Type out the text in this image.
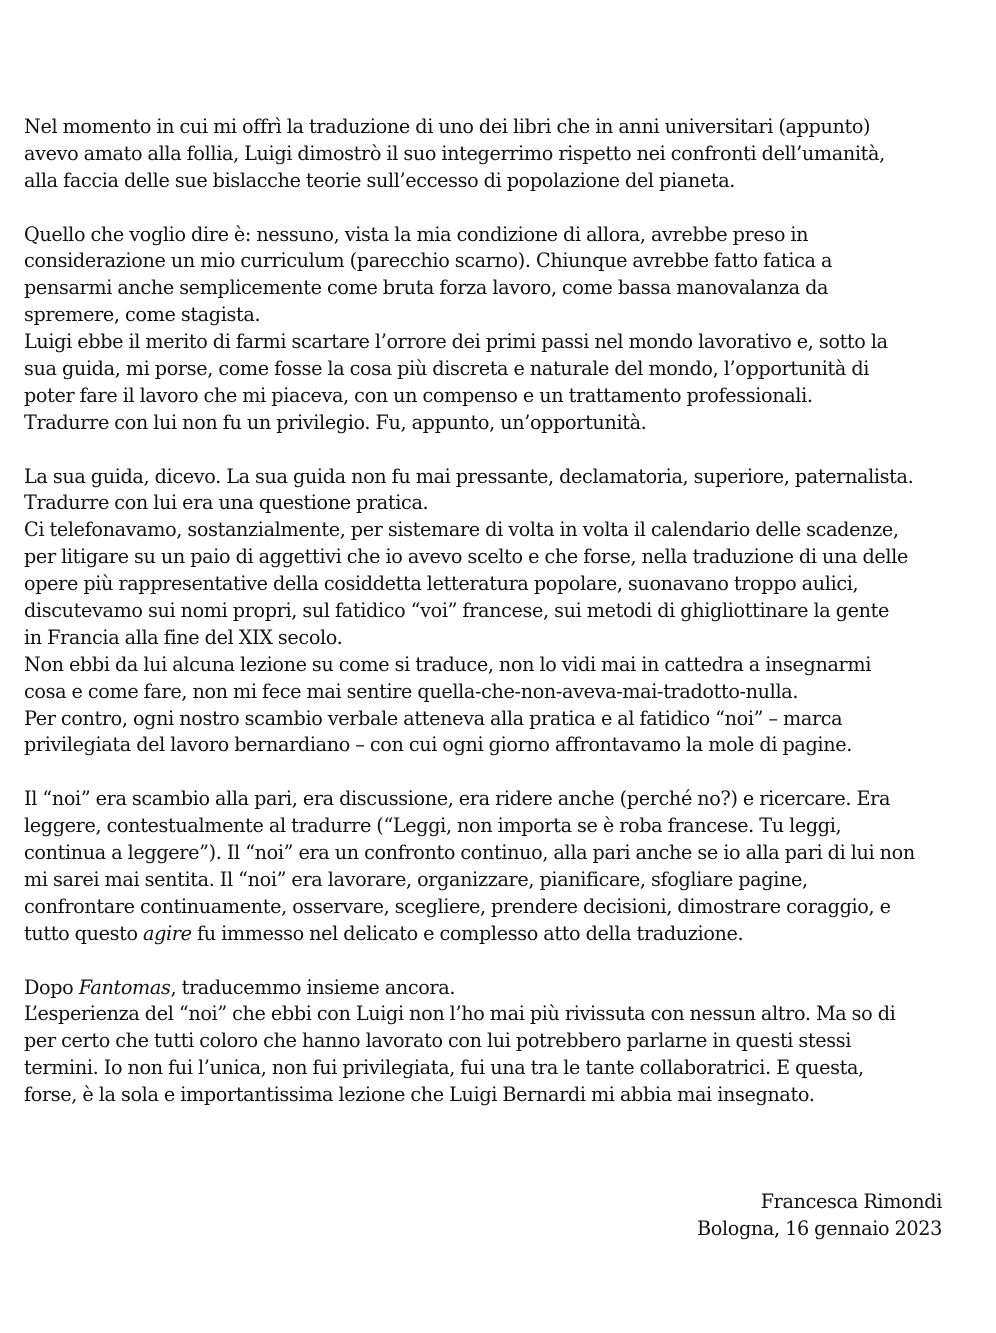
Nel momento in cui mi offrì la traduzione di uno dei libri che in anni universitari (appunto)
avevo amato alla follia, Luigi dimostrò il suo integerrimo rispetto nei confronti dell’umanità,
alla faccia delle sue bislacche teorie sull’eccesso di popolazione del pianeta.
Quello che voglio dire è: nessuno, vista la mia condizione di allora, avrebbe preso in
considerazione un mio curriculum (parecchio scarno). Chiunque avrebbe fatto fatica a
pensarmi anche semplicemente come bruta forza lavoro, come bassa manovalanza da
spremere, come stagista.
Luigi ebbe il merito di farmi scartare l’orrore dei primi passi nel mondo lavorativo e, sotto la
sua guida, mi porse, come fosse la cosa più discreta e naturale del mondo, l’opportunità di
poter fare il lavoro che mi piaceva, con un compenso e un trattamento professionali.
Tradurre con lui non fu un privilegio. Fu, appunto, un’opportunità.
La sua guida, dicevo. La sua guida non fu mai pressante, declamatoria, superiore, paternalista.
Tradurre con lui era una questione pratica.
Ci telefonavamo, sostanzialmente, per sistemare di volta in volta il calendario delle scadenze,
per litigare su un paio di aggettivi che io avevo scelto e che forse, nella traduzione di una delle
opere più rappresentative della cosiddetta letteratura popolare, suonavano troppo aulici,
discutevamo sui nomi propri, sul fatidico “voi” francese, sui metodi di ghigliottinare la gente
in Francia alla fine del XIX secolo.
Non ebbi da lui alcuna lezione su come si traduce, non lo vidi mai in cattedra a insegnarmi
cosa e come fare, non mi fece mai sentire quella-che-non-aveva-mai-tradotto-nulla.
Per contro, ogni nostro scambio verbale atteneva alla pratica e al fatidico “noi” – marca
privilegiata del lavoro bernardiano – con cui ogni giorno affrontavamo la mole di pagine.
Il “noi” era scambio alla pari, era discussione, era ridere anche (perché no?) e ricercare. Era
leggere, contestualmente al tradurre (“Leggi, non importa se è roba francese. Tu leggi,
continua a leggere”). Il “noi” era un confronto continuo, alla pari anche se io alla pari di lui non
mi sarei mai sentita. Il “noi” era lavorare, organizzare, pianificare, sfogliare pagine,
confrontare continuamente, osservare, scegliere, prendere decisioni, dimostrare coraggio, e
tutto questo agire fu immesso nel delicato e complesso atto della traduzione.
Dopo Fantomas, traducemmo insieme ancora.
L’esperienza del “noi” che ebbi con Luigi non l’ho mai più rivissuta con nessun altro. Ma so di
per certo che tutti coloro che hanno lavorato con lui potrebbero parlarne in questi stessi
termini. Io non fui l’unica, non fui privilegiata, fui una tra le tante collaboratrici. E questa,
forse, è la sola e importantissima lezione che Luigi Bernardi mi abbia mai insegnato.
Francesca Rimondi
Bologna, 16 gennaio 2023
